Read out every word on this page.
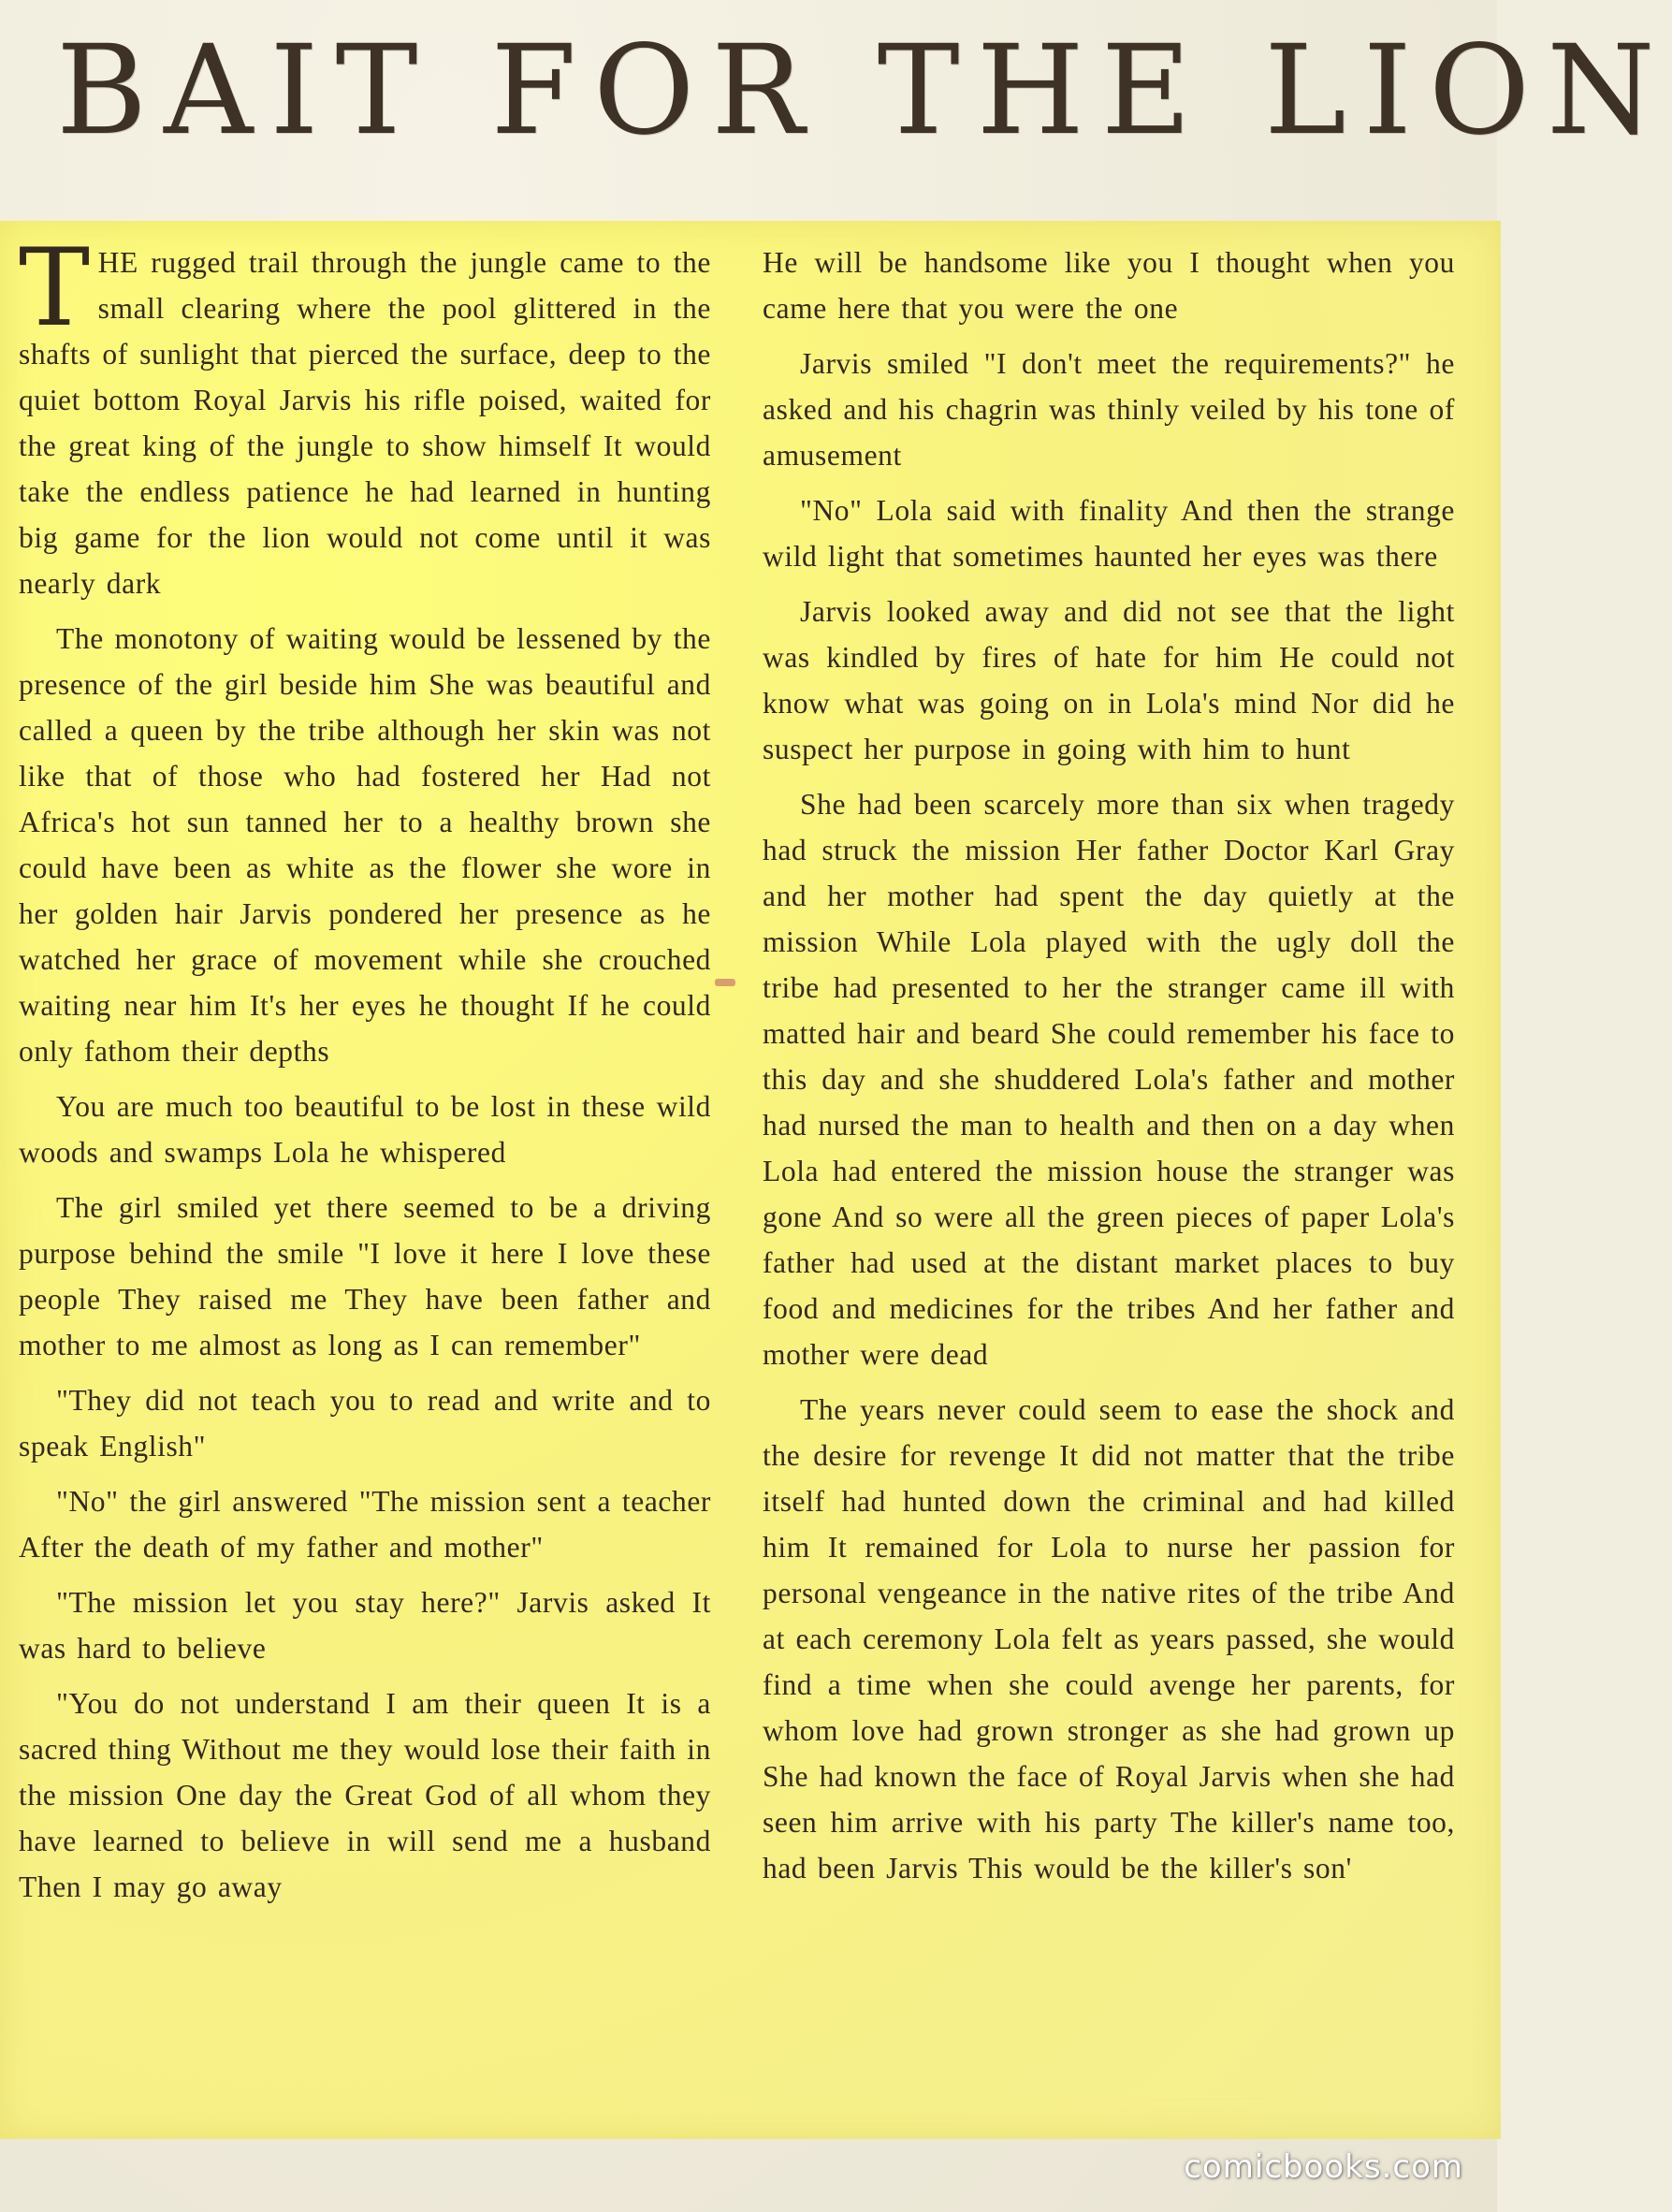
BAIT FOR THE LION

THE rugged trail through the jungle came to the small clearing where the pool glittered in the shafts of sunlight that pierced the surface, deep to the quiet bottom Royal Jarvis his rifle poised, waited for the great king of the jungle to show himself It would take the endless patience he had learned in hunting big game for the lion would not come until it was nearly dark

The monotony of waiting would be lessened by the presence of the girl beside him She was beautiful and called a queen by the tribe although her skin was not like that of those who had fostered her Had not Africa's hot sun tanned her to a healthy brown she could have been as white as the flower she wore in her golden hair Jarvis pondered her presence as he watched her grace of movement while she crouched waiting near him It's her eyes he thought If he could only fathom their depths

You are much too beautiful to be lost in these wild woods and swamps Lola he whispered

The girl smiled yet there seemed to be a driving purpose behind the smile "I love it here I love these people They raised me They have been father and mother to me almost as long as I can remember"

"They did not teach you to read and write and to speak English"

"No" the girl answered "The mission sent a teacher After the death of my father and mother"

"The mission let you stay here?" Jarvis asked It was hard to believe

"You do not understand I am their queen It is a sacred thing Without me they would lose their faith in the mission One day the Great God of all whom they have learned to believe in will send me a husband Then I may go away

He will be handsome like you I thought when you came here that you were the one

Jarvis smiled "I don't meet the requirements?" he asked and his chagrin was thinly veiled by his tone of amusement

"No" Lola said with finality And then the strange wild light that sometimes haunted her eyes was there

Jarvis looked away and did not see that the light was kindled by fires of hate for him He could not know what was going on in Lola's mind Nor did he suspect her purpose in going with him to hunt

She had been scarcely more than six when tragedy had struck the mission Her father Doctor Karl Gray and her mother had spent the day quietly at the mission While Lola played with the ugly doll the tribe had presented to her the stranger came ill with matted hair and beard She could remember his face to this day and she shuddered Lola's father and mother had nursed the man to health and then on a day when Lola had entered the mission house the stranger was gone And so were all the green pieces of paper Lola's father had used at the distant market places to buy food and medicines for the tribes And her father and mother were dead

The years never could seem to ease the shock and the desire for revenge It did not matter that the tribe itself had hunted down the criminal and had killed him It remained for Lola to nurse her passion for personal vengeance in the native rites of the tribe And at each ceremony Lola felt as years passed, she would find a time when she could avenge her parents, for whom love had grown stronger as she had grown up She had known the face of Royal Jarvis when she had seen him arrive with his party The killer's name too, had been Jarvis This would be the killer's son'

comicbooks.com
